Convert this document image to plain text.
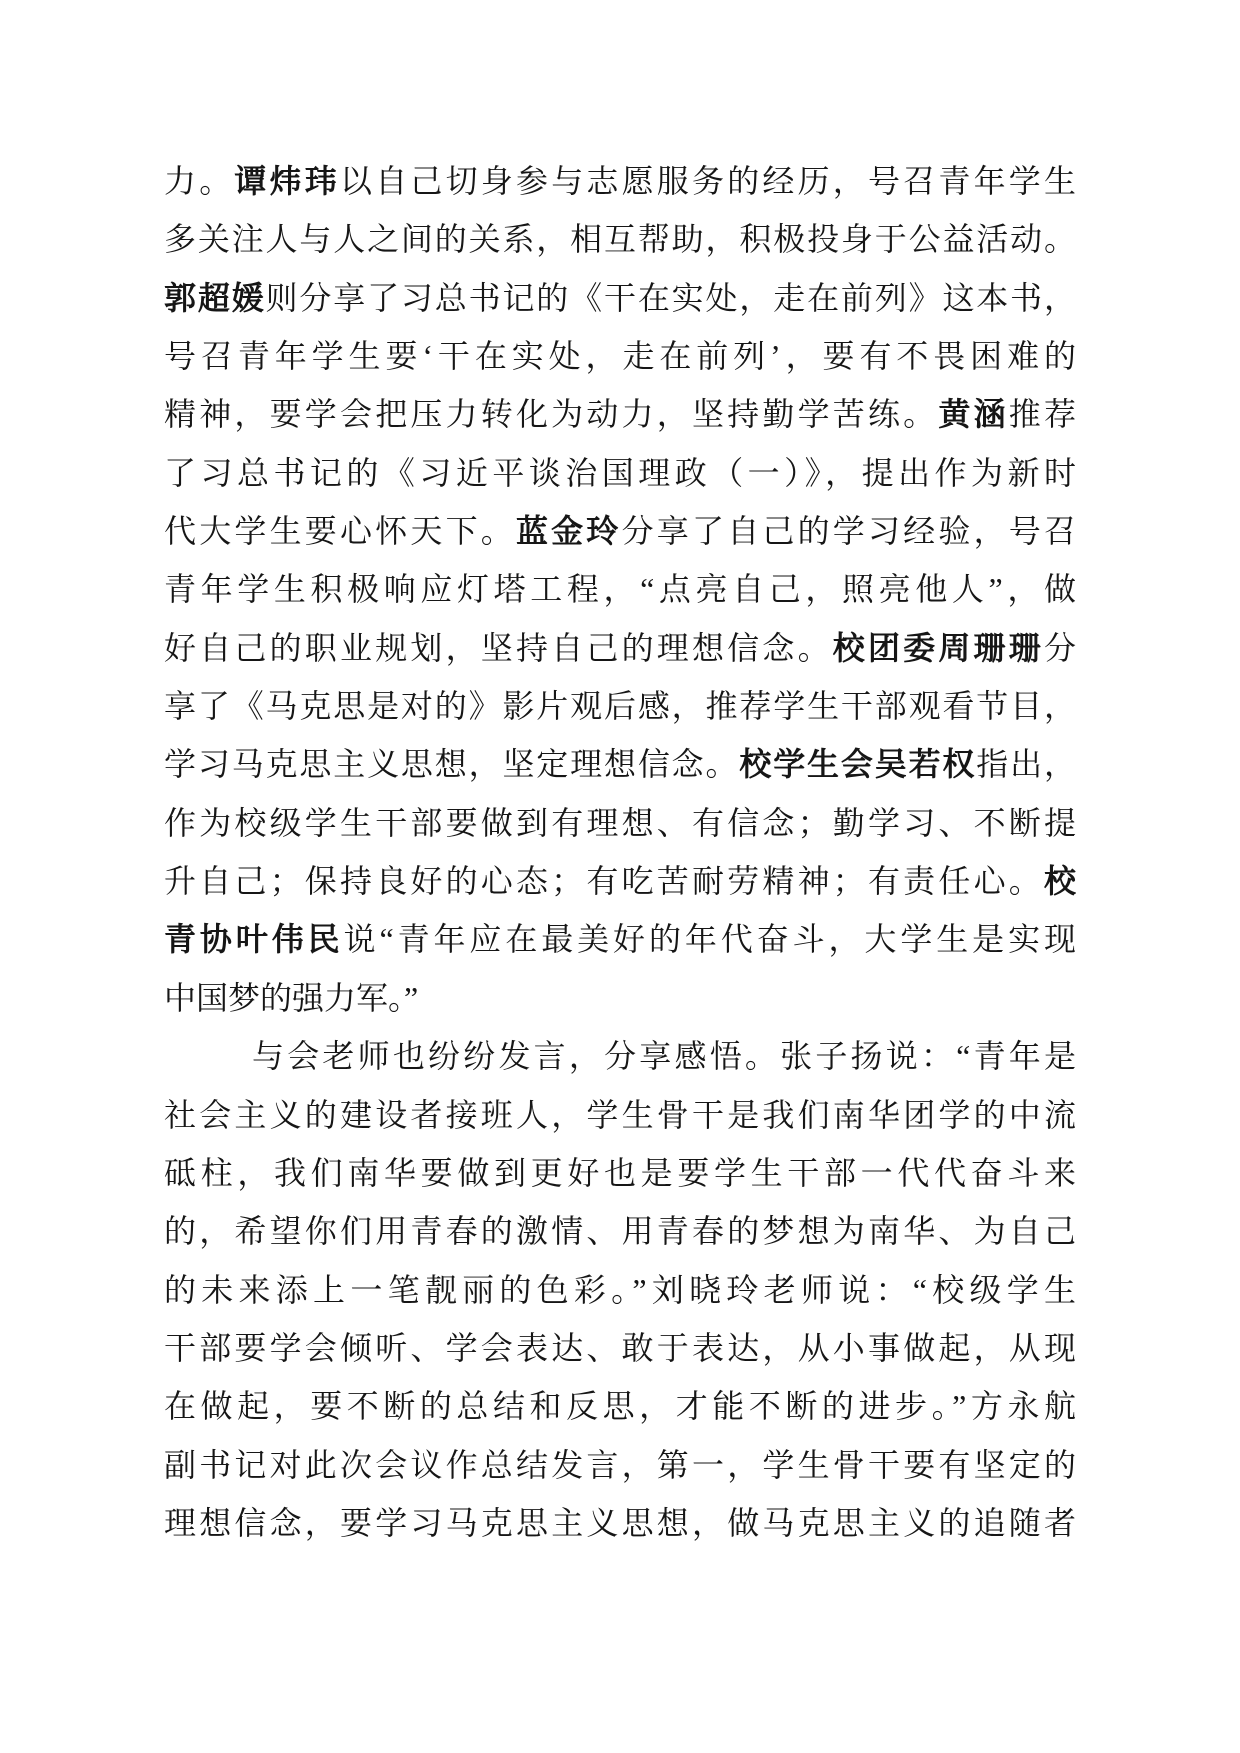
力。谭炜玮以自己切身参与志愿服务的经历，号召青年学生
多关注人与人之间的关系，相互帮助，积极投身于公益活动。
郭超媛则分享了习总书记的《干在实处，走在前列》这本书，
号召青年学生要‘干在实处，走在前列’，要有不畏困难的
精神，要学会把压力转化为动力，坚持勤学苦练。黄涵推荐
了习总书记的《习近平谈治国理政（一）》，提出作为新时
代大学生要心怀天下。蓝金玲分享了自己的学习经验，号召
青年学生积极响应灯塔工程，“点亮自己，照亮他人”，做
好自己的职业规划，坚持自己的理想信念。校团委周珊珊分
享了《马克思是对的》影片观后感，推荐学生干部观看节目，
学习马克思主义思想，坚定理想信念。校学生会吴若权指出，
作为校级学生干部要做到有理想、有信念；勤学习、不断提
升自己；保持良好的心态；有吃苦耐劳精神；有责任心。校
青协叶伟民说“青年应在最美好的年代奋斗，大学生是实现
中国梦的强力军。”
与会老师也纷纷发言，分享感悟。张子扬说：“青年是
社会主义的建设者接班人，学生骨干是我们南华团学的中流
砥柱，我们南华要做到更好也是要学生干部一代代奋斗来
的，希望你们用青春的激情、用青春的梦想为南华、为自己
的未来添上一笔靓丽的色彩。”刘晓玲老师说：“校级学生
干部要学会倾听、学会表达、敢于表达，从小事做起，从现
在做起，要不断的总结和反思，才能不断的进步。”方永航
副书记对此次会议作总结发言，第一，学生骨干要有坚定的
理想信念，要学习马克思主义思想，做马克思主义的追随者
